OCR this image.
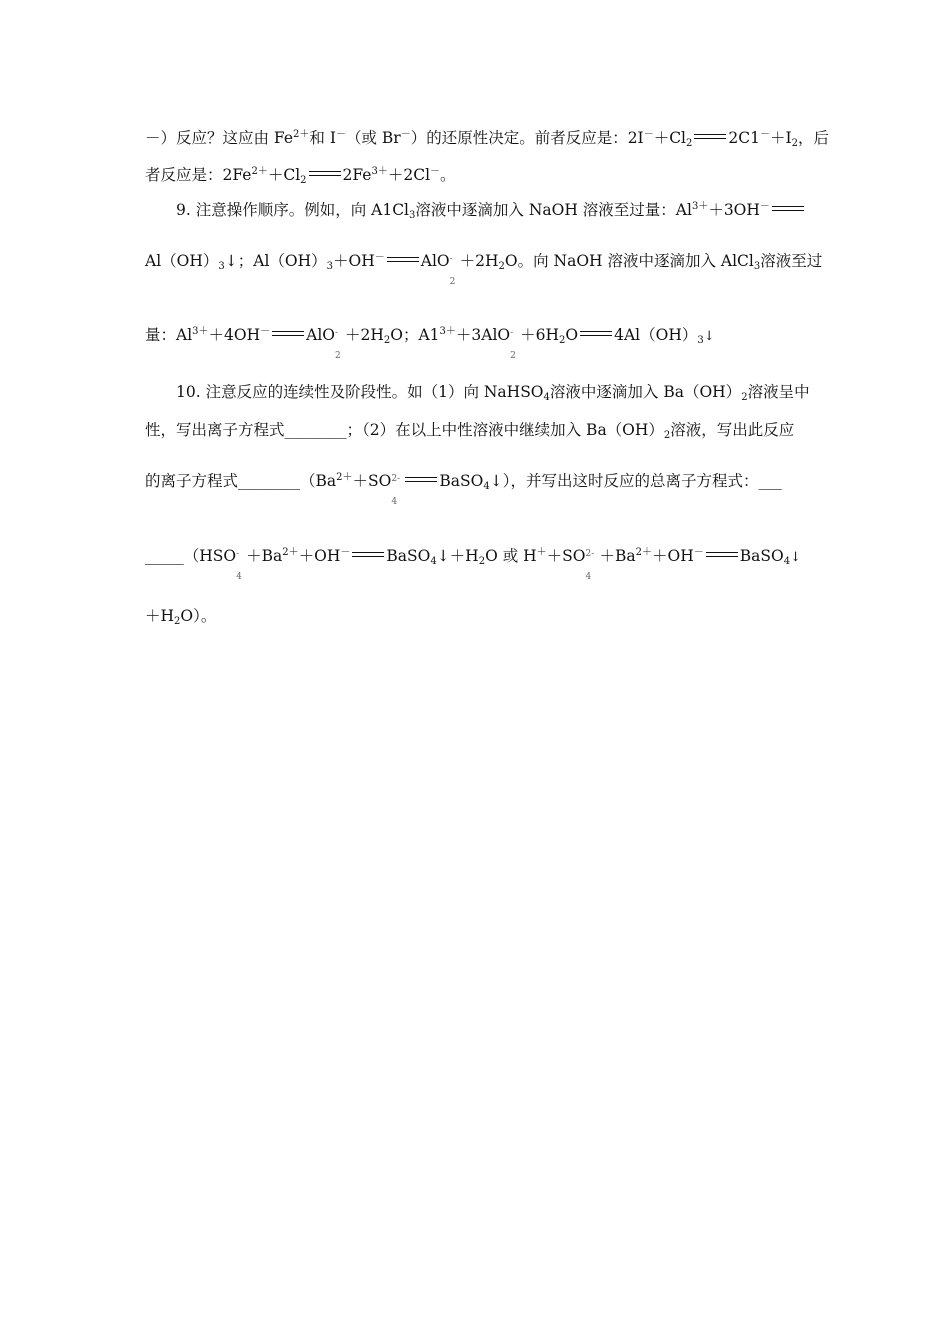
－）反应？这应由 $Fe^{2+}$和 I－（或 Br－）的还原性决定。前者反应是：$2I^-+Cl_2$ $2C1^-+I_2$，后
者反应是：$2Fe^{2+}+Cl_2$ $2Fe^{3+}+2Cl^-$。
9. 注意操作顺序。例如，向 $A1Cl_3$溶液中逐滴加入 NaOH 溶液至过量：$Al^{3+}+3OH^-$
$Al(OH)_3↓$；$Al(OH)_3+OH^-$ AlO -
2
$+2H_2O$。向 NaOH 溶液中逐滴加入 AlCl$_3$溶液至过
量：$Al^{3+}+4OH^-$ AlO -
2
$+2H_2O$；$A1^{3+}+3AlO$ -
2
$+6H_2O$ $4Al(OH)_3↓$
10. 注意反应的连续性及阶段性。如（1）向 NaHSO$_4$溶液中逐滴加入 $Ba(OH)_2$溶液呈中
性，写出离子方程式________；（2）在以上中性溶液中继续加入 $Ba(OH)_2$溶液，写出此反应
的离子方程式$\_\_\_\_\_\_\_\_(Ba^{2+}+SO$ 2-
4
BaSO$_4$↓），并写出这时反应的总离子方程式：___
_____（HSO -
4
$+Ba^{2+}+OH^-$ $BaSO_4↓+H_2O$ 或 H＋＋SO 2-
4
$+Ba^{2+}+OH^-$ BaSO$_4$↓
$+H_2O$）。
